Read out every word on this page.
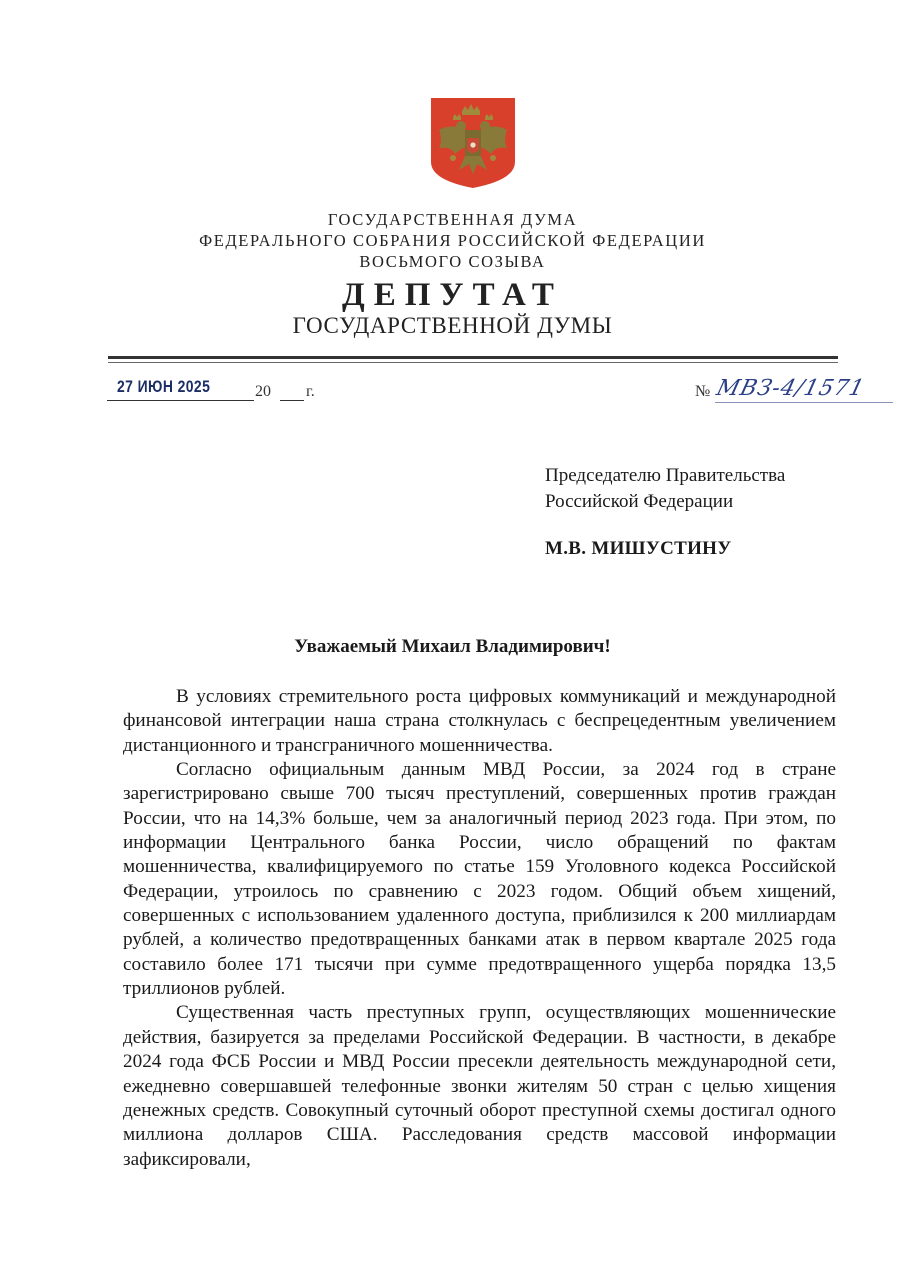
ГОСУДАРСТВЕННАЯ ДУМА
ФЕДЕРАЛЬНОГО СОБРАНИЯ РОССИЙСКОЙ ФЕДЕРАЦИИ
ВОСЬМОГО СОЗЫВА
ДЕПУТАТ
ГОСУДАРСТВЕННОЙ ДУМЫ
27 ИЮН 2025	20 г.	№ МВЗ-4/1571
Председателю Правительства
Российской Федерации
М.В. МИШУСТИНУ
Уважаемый Михаил Владимирович!

В условиях стремительного роста цифровых коммуникаций и международной финансовой интеграции наша страна столкнулась с беспрецедентным увеличением дистанционного и трансграничного мошенничества.

Согласно официальным данным МВД России, за 2024 год в стране зарегистрировано свыше 700 тысяч преступлений, совершенных против граждан России, что на 14,3% больше, чем за аналогичный период 2023 года. При этом, по информации Центрального банка России, число обращений по фактам мошенничества, квалифицируемого по статье 159 Уголовного кодекса Российской Федерации, утроилось по сравнению с 2023 годом. Общий объем хищений, совершенных с использованием удаленного доступа, приблизился к 200 миллиардам рублей, а количество предотвращенных банками атак в первом квартале 2025 года составило более 171 тысячи при сумме предотвращенного ущерба порядка 13,5 триллионов рублей.

Существенная часть преступных групп, осуществляющих мошеннические действия, базируется за пределами Российской Федерации. В частности, в декабре 2024 года ФСБ России и МВД России пресекли деятельность международной сети, ежедневно совершавшей телефонные звонки жителям 50 стран с целью хищения денежных средств. Совокупный суточный оборот преступной схемы достигал одного миллиона долларов США. Расследования средств массовой информации зафиксировали,
